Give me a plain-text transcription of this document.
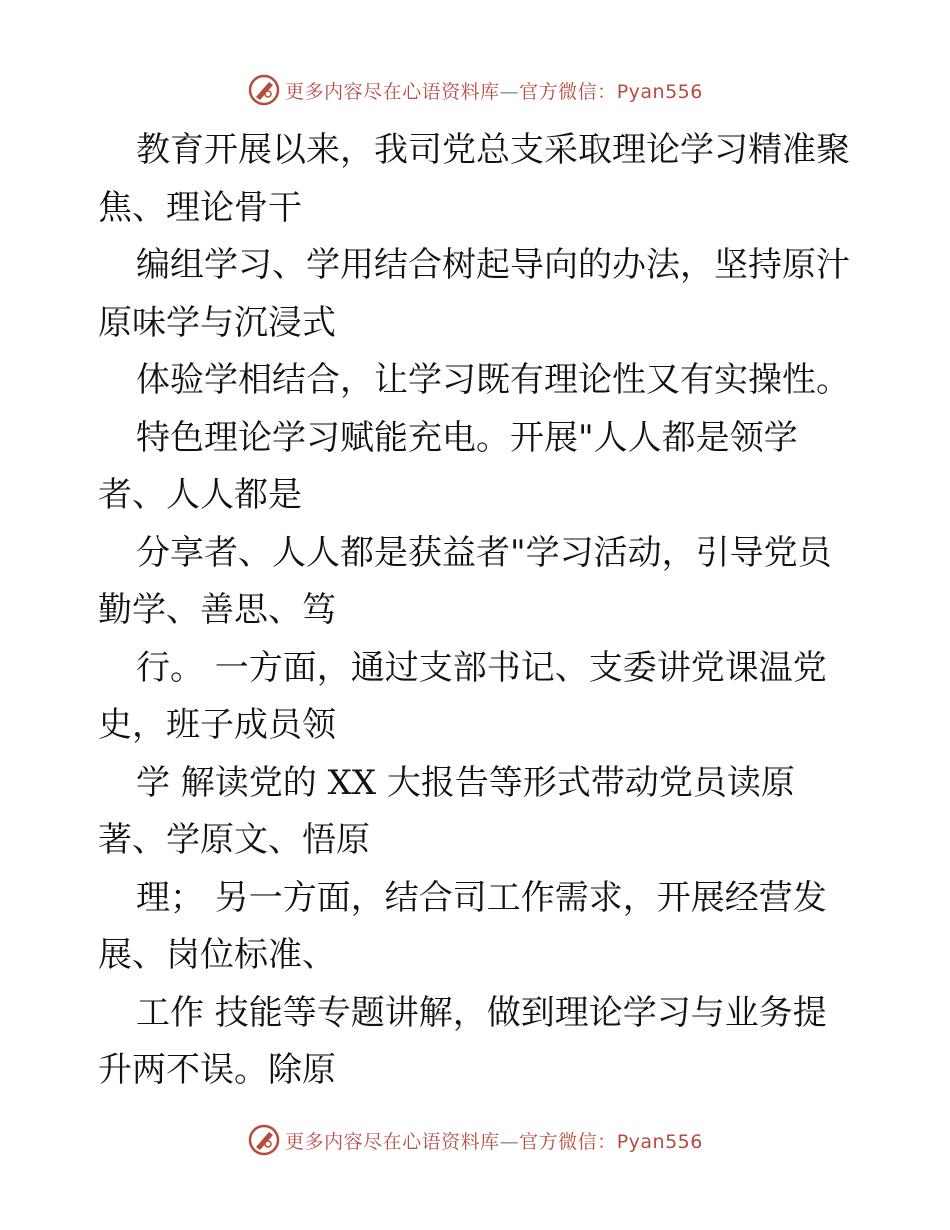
更多内容尽在心语资料库—官方微信：Pyan556
教育开展以来，我司党总支采取理论学习精准聚
焦、理论骨干
编组学习、学用结合树起导向的办法，坚持原汁
原味学与沉浸式
体验学相结合，让学习既有理论性又有实操性。
特色理论学习赋能充电。开展"人人都是领学
者、人人都是
分享者、人人都是获益者"学习活动，引导党员
勤学、善思、笃
行。 一方面，通过支部书记、支委讲党课温党
史，班子成员领
学 解读党的 XX 大报告等形式带动党员读原
著、学原文、悟原
理； 另一方面，结合司工作需求，开展经营发
展、岗位标准、
工作 技能等专题讲解，做到理论学习与业务提
升两不误。除原
更多内容尽在心语资料库—官方微信：Pyan556
